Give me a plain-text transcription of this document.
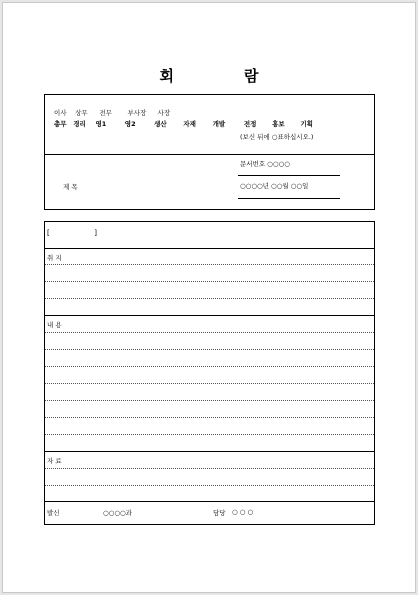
회	람
이사 상무 전무 부사장 사장
총무 경리 영1	영2	생산	자재	개발	전정 홍보 기획
(보신 뒤에 ○표하십시오.)
제 목
문서번호 ○○○○
○○○○년 ○○월 ○○일
[                    ]
취 지
내 용
자 료
발신	○○○○과	담당 ○ ○ ○
